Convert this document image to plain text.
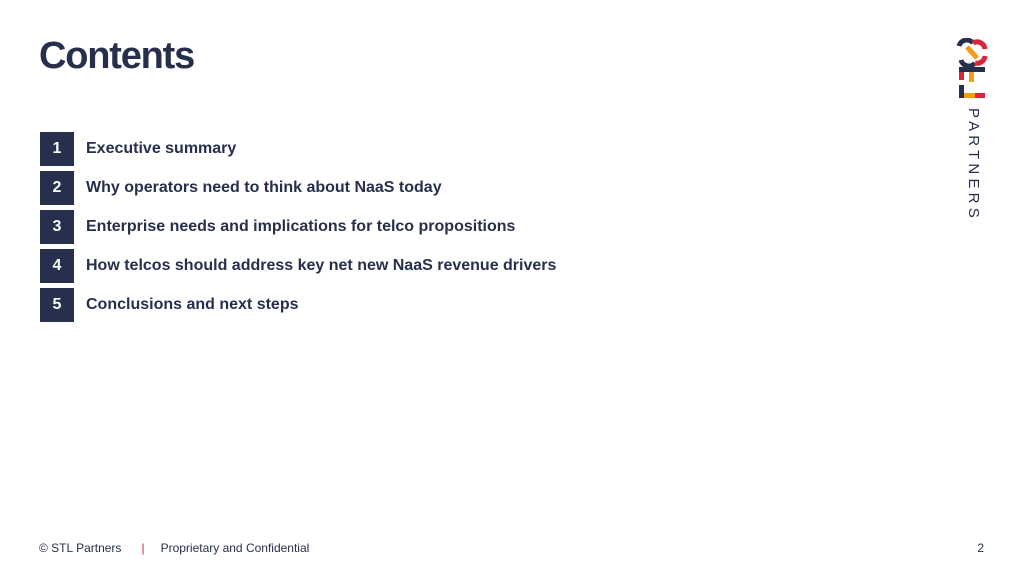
Contents
1	Executive summary
2	Why operators need to think about NaaS today
3	Enterprise needs and implications for telco propositions
4	How telcos should address key net new NaaS revenue drivers
5	Conclusions and next steps
PARTNERS
© STL Partners | Proprietary and Confidential	2
